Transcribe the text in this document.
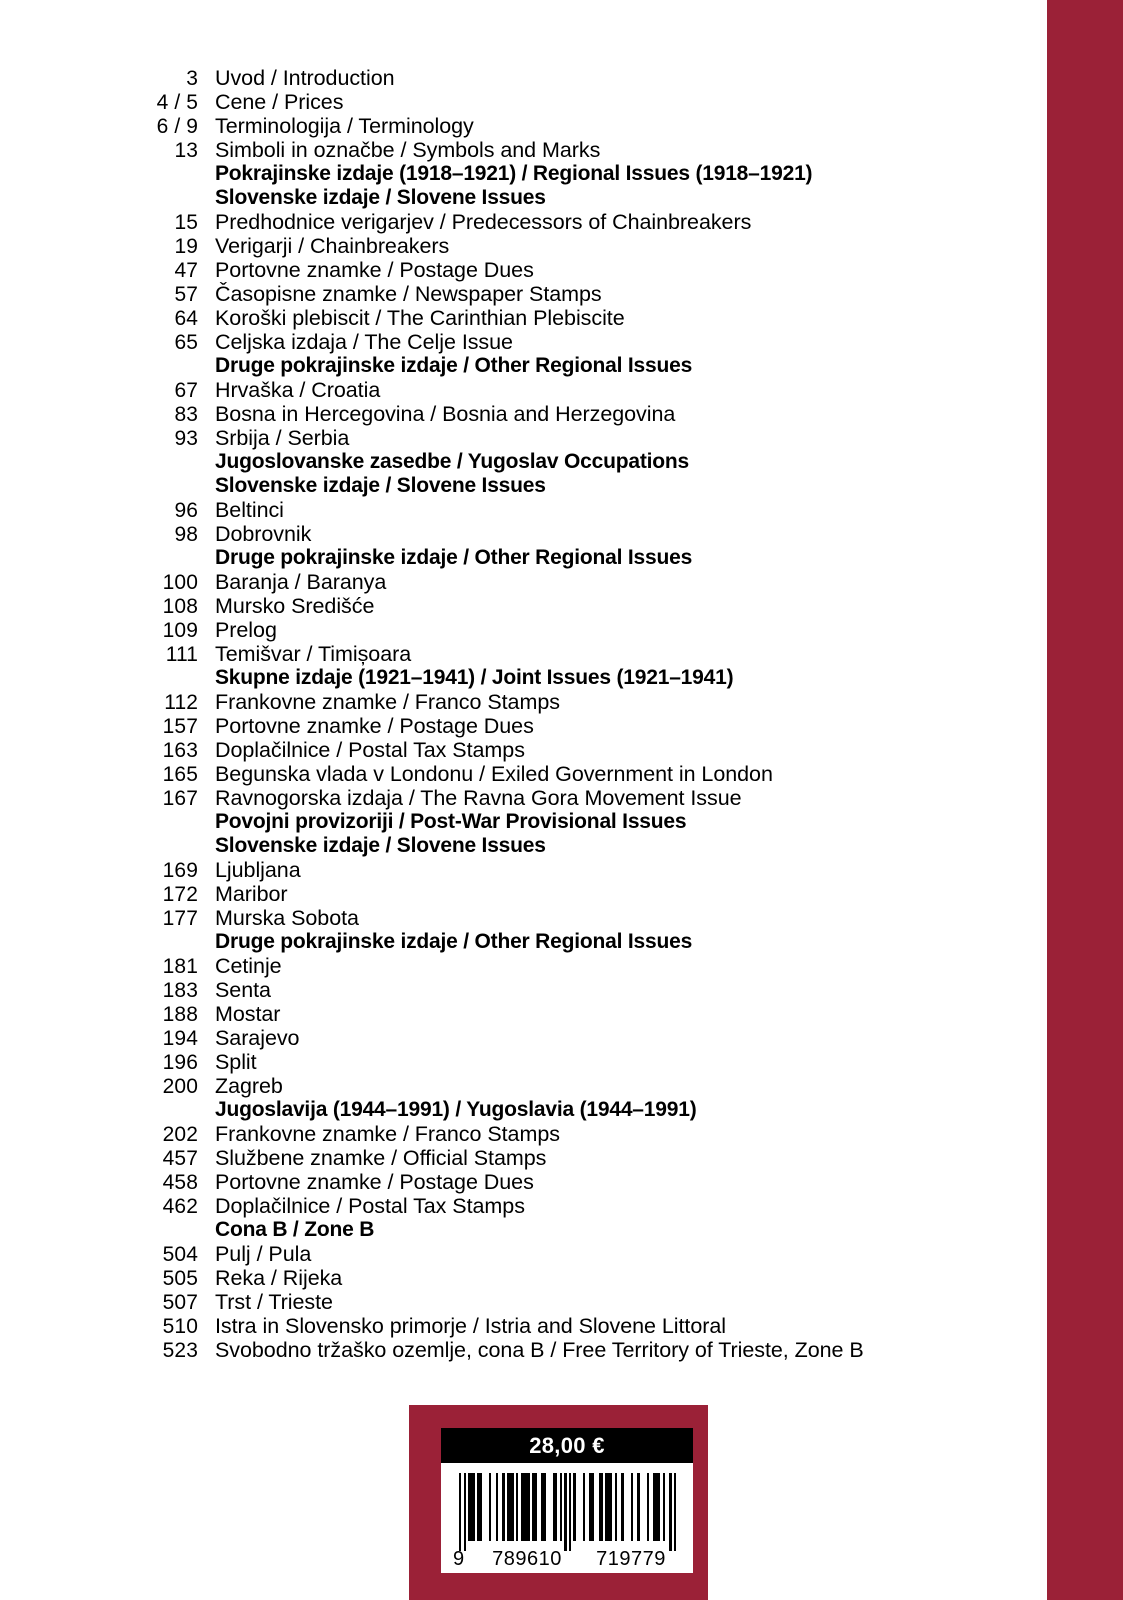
3 Uvod / Introduction
4 / 5 Cene / Prices
6 / 9 Terminologija / Terminology
13 Simboli in označbe / Symbols and Marks
Pokrajinske izdaje (1918–1921) / Regional Issues (1918–1921)
Slovenske izdaje / Slovene Issues
15 Predhodnice verigarjev / Predecessors of Chainbreakers
19 Verigarji / Chainbreakers
47 Portovne znamke / Postage Dues
57 Časopisne znamke / Newspaper Stamps
64 Koroški plebiscit / The Carinthian Plebiscite
65 Celjska izdaja / The Celje Issue
Druge pokrajinske izdaje / Other Regional Issues
67 Hrvaška / Croatia
83 Bosna in Hercegovina / Bosnia and Herzegovina
93 Srbija / Serbia
Jugoslovanske zasedbe / Yugoslav Occupations
Slovenske izdaje / Slovene Issues
96 Beltinci
98 Dobrovnik
Druge pokrajinske izdaje / Other Regional Issues
100 Baranja / Baranya
108 Mursko Središće
109 Prelog
111 Temišvar / Timișoara
Skupne izdaje (1921–1941) / Joint Issues (1921–1941)
112 Frankovne znamke / Franco Stamps
157 Portovne znamke / Postage Dues
163 Doplačilnice / Postal Tax Stamps
165 Begunska vlada v Londonu / Exiled Government in London
167 Ravnogorska izdaja / The Ravna Gora Movement Issue
Povojni provizoriji / Post-War Provisional Issues
Slovenske izdaje / Slovene Issues
169 Ljubljana
172 Maribor
177 Murska Sobota
Druge pokrajinske izdaje / Other Regional Issues
181 Cetinje
183 Senta
188 Mostar
194 Sarajevo
196 Split
200 Zagreb
Jugoslavija (1944–1991) / Yugoslavia (1944–1991)
202 Frankovne znamke / Franco Stamps
457 Službene znamke / Official Stamps
458 Portovne znamke / Postage Dues
462 Doplačilnice / Postal Tax Stamps
Cona B / Zone B
504 Pulj / Pula
505 Reka / Rijeka
507 Trst / Trieste
510 Istra in Slovensko primorje / Istria and Slovene Littoral
523 Svobodno tržaško ozemlje, cona B / Free Territory of Trieste, Zone B
28,00 €
9	789610	719779
